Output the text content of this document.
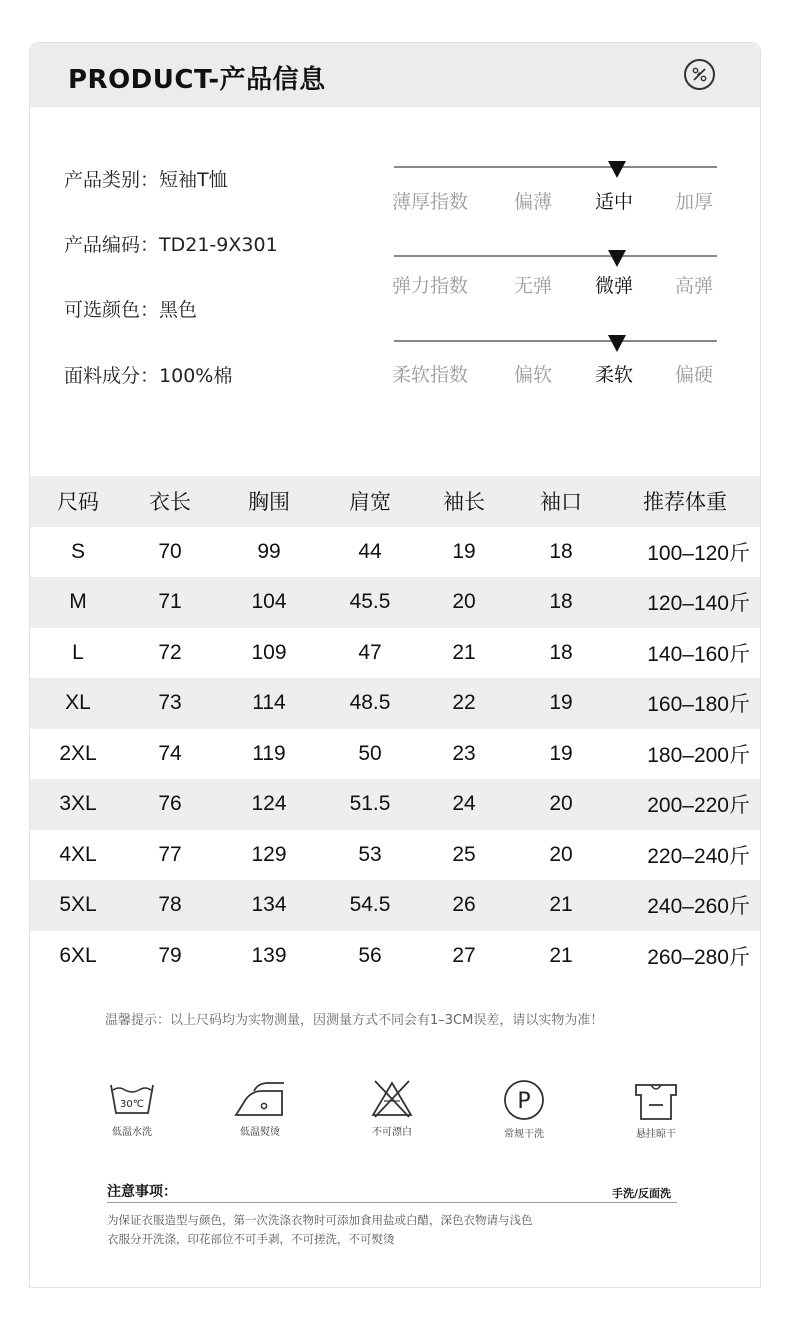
PRODUCT-产品信息
产品类别：短袖T恤
产品编码：TD21-9X301
可选颜色：黑色
面料成分：100%棉
薄厚指数 偏薄 适中 加厚
弹力指数 无弹 微弹 高弹
柔软指数 偏软 柔软 偏硬
尺码	衣长	胸围	肩宽	袖长	袖口	推荐体重
S	70	99	44	19	18	100–120斤
M	71	104	45.5	20	18	120–140斤
L	72	109	47	21	18	140–160斤
XL	73	114	48.5	22	19	160–180斤
2XL	74	119	50	23	19	180–200斤
3XL	76	124	51.5	24	20	200–220斤
4XL	77	129	53	25	20	220–240斤
5XL	78	134	54.5	26	21	240–260斤
6XL	79	139	56	27	21	260–280斤
温馨提示：以上尺码均为实物测量，因测量方式不同会有1–3CM误差，请以实物为准！
30℃
低温水洗	低温熨烫	不可漂白
P
常规干洗	悬挂晾干
注意事项：	手洗/反面洗
为保证衣服造型与颜色，第一次洗涤衣物时可添加食用盐或白醋，深色衣物请与浅色
衣服分开洗涤，印花部位不可手剥，不可搓洗，不可熨烫
